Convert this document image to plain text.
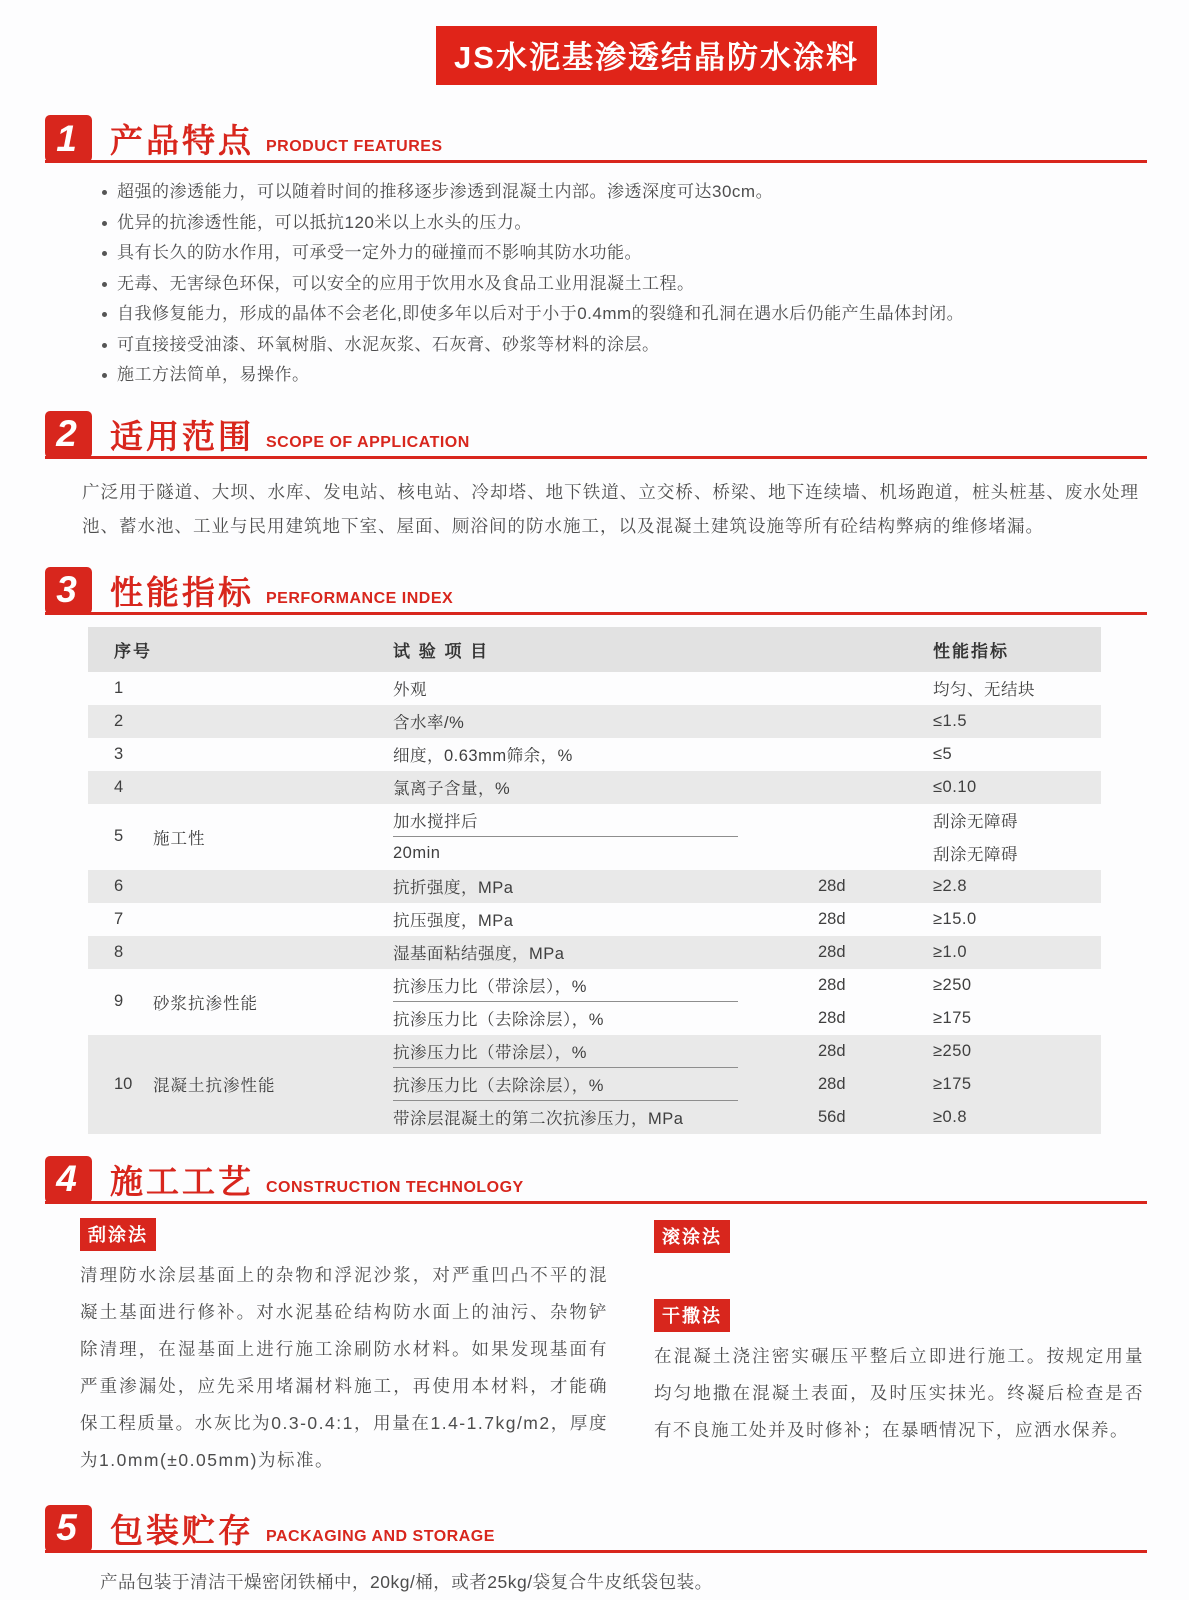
JS水泥基渗透结晶防水涂料
1	产品特点 PRODUCT FEATURES
超强的渗透能力，可以随着时间的推移逐步渗透到混凝土内部。渗透深度可达30cm。
优异的抗渗透性能，可以抵抗120米以上水头的压力。
具有长久的防水作用，可承受一定外力的碰撞而不影响其防水功能。
无毒、无害绿色环保，可以安全的应用于饮用水及食品工业用混凝土工程。
自我修复能力，形成的晶体不会老化,即使多年以后对于小于0.4mm的裂缝和孔洞在遇水后仍能产生晶体封闭。
可直接接受油漆、环氧树脂、水泥灰浆、石灰膏、砂浆等材料的涂层。
施工方法简单，易操作。
2	适用范围 SCOPE OF APPLICATION
广泛用于隧道、大坝、水库、发电站、核电站、冷却塔、地下铁道、立交桥、桥梁、地下连续墙、机场跑道，桩头桩基、废水处理池、蓄水池、工业与民用建筑地下室、屋面、厕浴间的防水施工，以及混凝土建筑设施等所有砼结构弊病的维修堵漏。
3	性能指标 PERFORMANCE INDEX
序号	试 验 项 目	性能指标
1	外观	均匀、无结块
2	含水率/%	≤1.5
3	细度，0.63mm筛余，%	≤5
4	氯离子含量，%	≤0.10
5	施工性
加水搅拌后	刮涂无障碍
20min	刮涂无障碍
6	抗折强度，MPa	28d	≥2.8
7	抗压强度，MPa	28d	≥15.0
8	湿基面粘结强度，MPa	28d	≥1.0
9	砂浆抗渗性能
抗渗压力比（带涂层），%	28d	≥250
抗渗压力比（去除涂层），%	28d	≥175
10	混凝土抗渗性能
抗渗压力比（带涂层），%	28d	≥250
抗渗压力比（去除涂层），%	28d	≥175
带涂层混凝土的第二次抗渗压力，MPa	56d	≥0.8
4	施工工艺 CONSTRUCTION TECHNOLOGY
刮涂法
清理防水涂层基面上的杂物和浮泥沙浆，对严重凹凸不平的混凝土基面进行修补。对水泥基砼结构防水面上的油污、杂物铲除清理，在湿基面上进行施工涂刷防水材料。如果发现基面有严重渗漏处，应先采用堵漏材料施工，再使用本材料，才能确保工程质量。水灰比为0.3-0.4:1，用量在1.4-1.7kg/m2，厚度为1.0mm(±0.05mm)为标准。
滚涂法
干撒法
在混凝土浇注密实碾压平整后立即进行施工。按规定用量均匀地撒在混凝土表面，及时压实抹光。终凝后检查是否有不良施工处并及时修补；在暴晒情况下，应洒水保养。
5	包装贮存 PACKAGING AND STORAGE
产品包装于清洁干燥密闭铁桶中，20kg/桶，或者25kg/袋复合牛皮纸袋包装。
